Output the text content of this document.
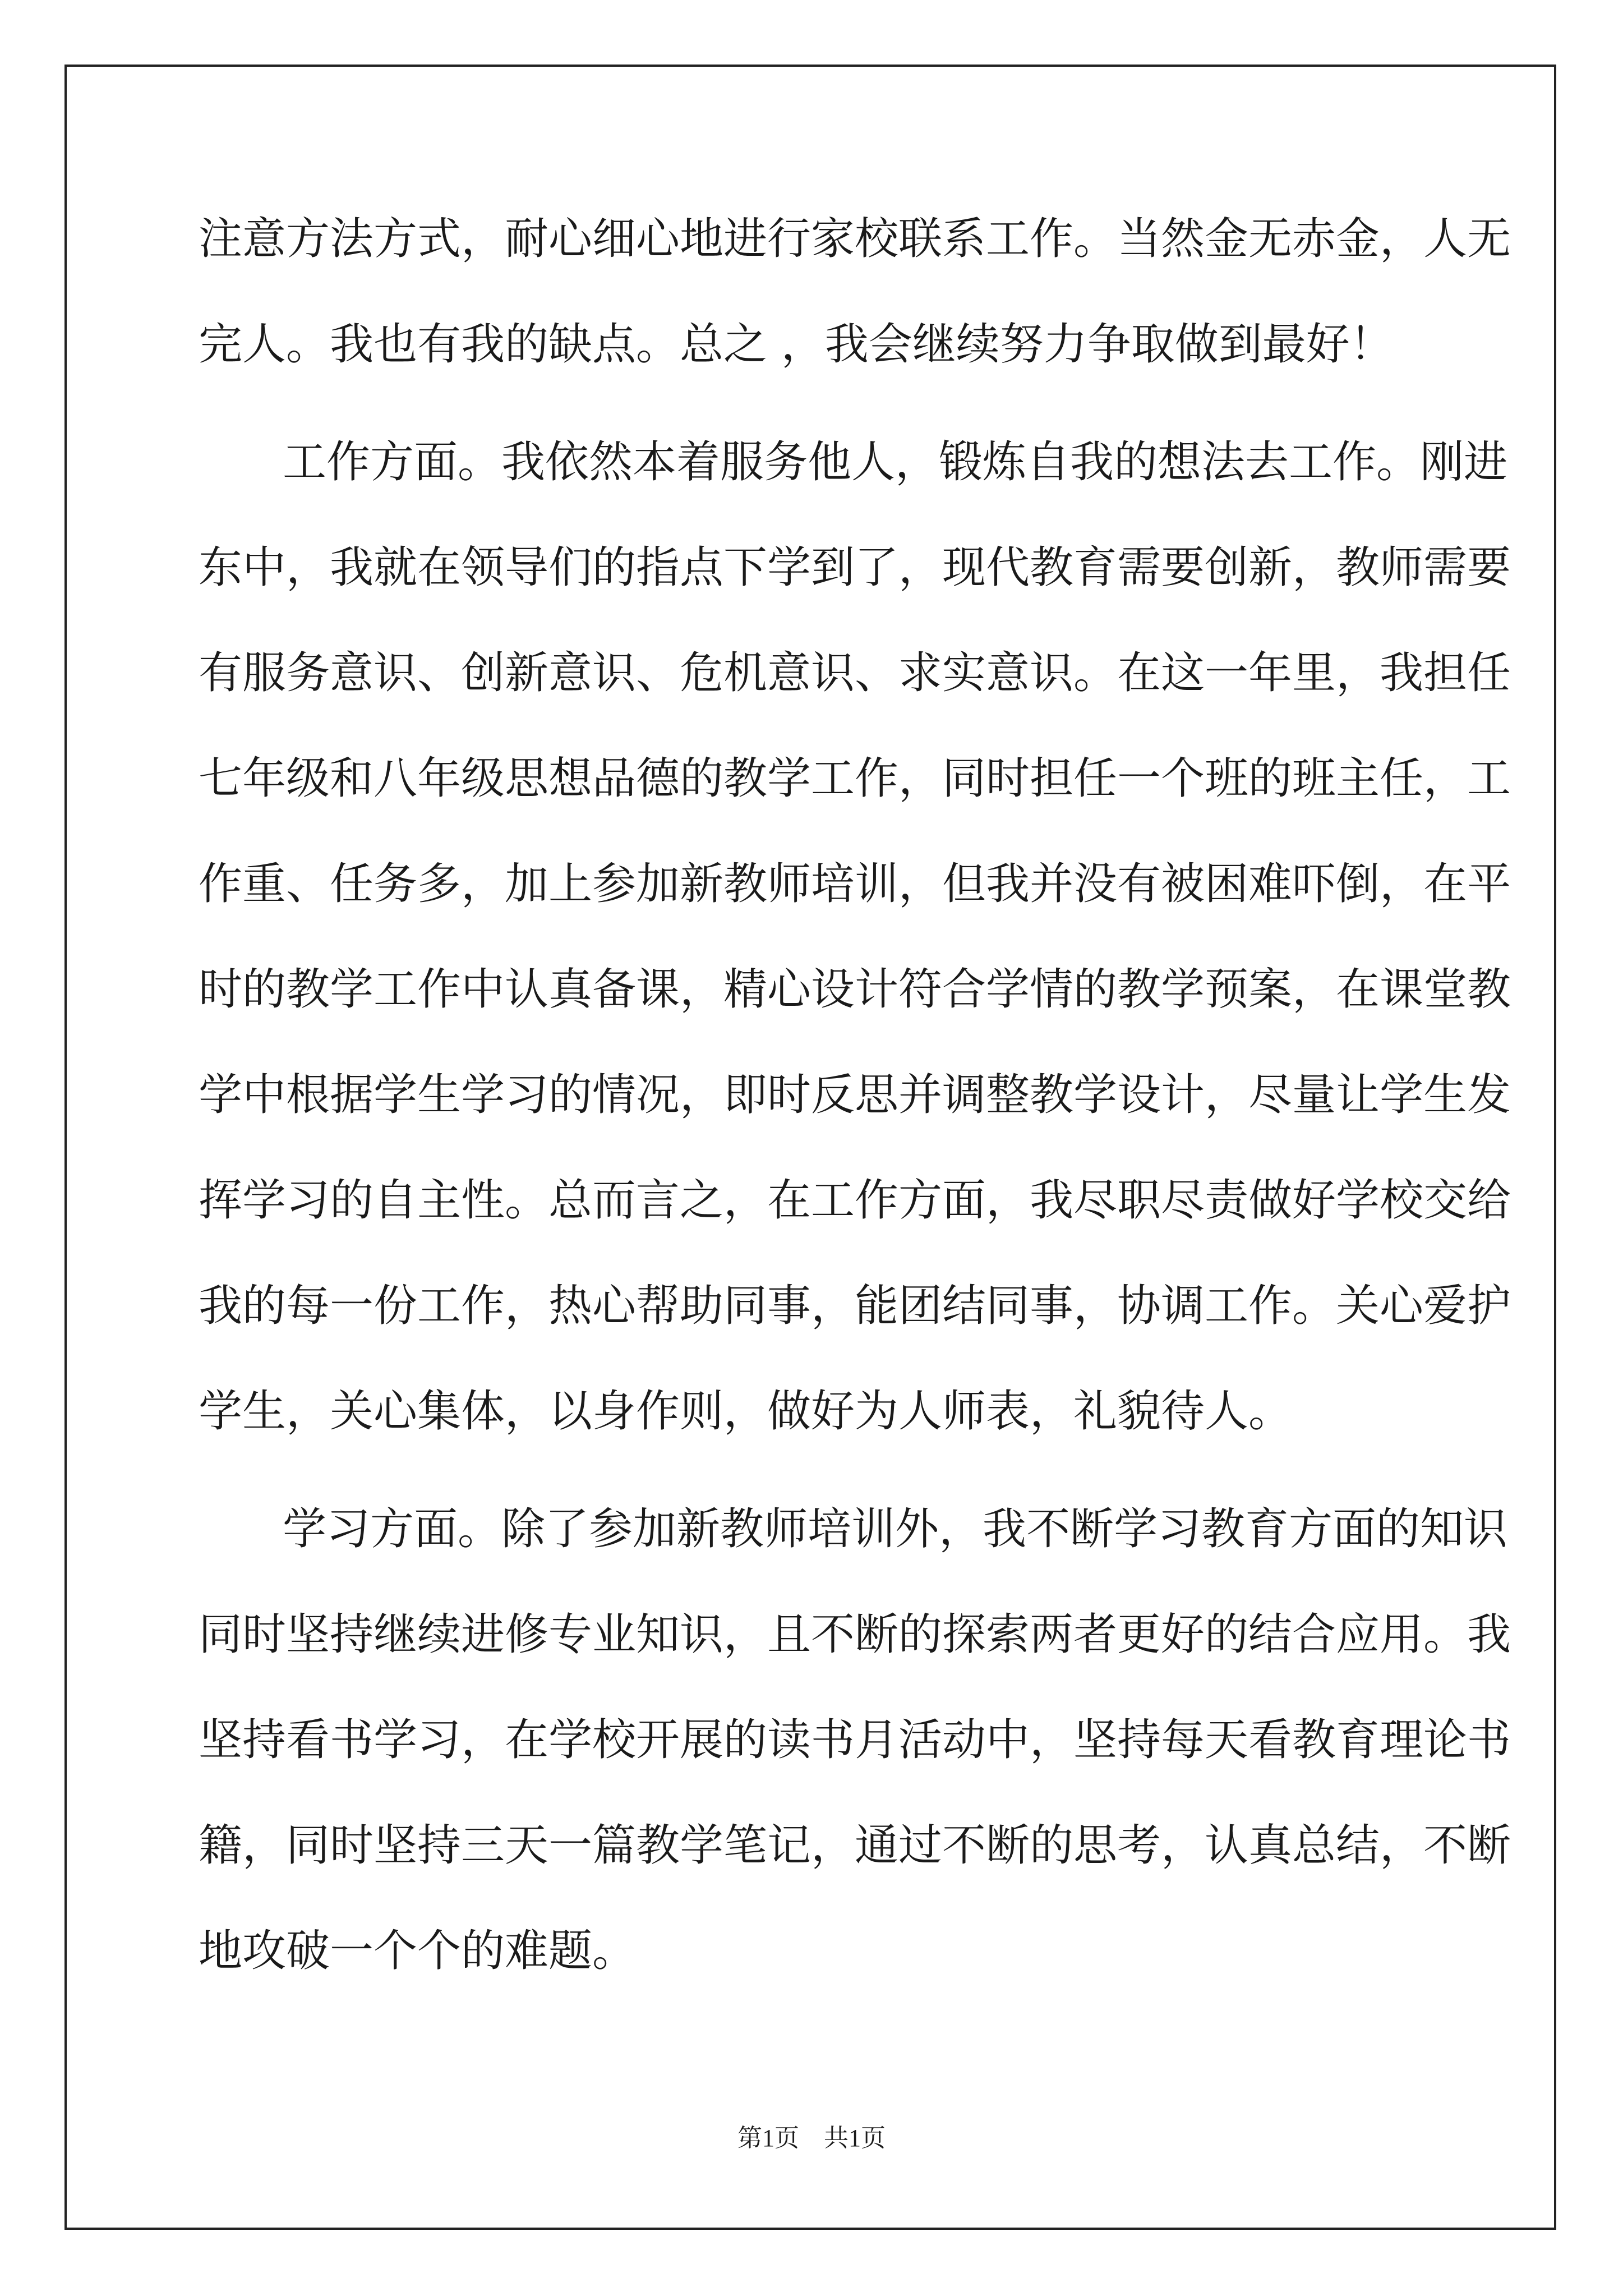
注意方法方式，耐心细心地进行家校联系工作。当然金无赤金，人无
完人。我也有我的缺点。总之 ，我会继续努力争取做到最好！
工作方面。我依然本着服务他人，锻炼自我的想法去工作。刚进
东中，我就在领导们的指点下学到了，现代教育需要创新，教师需要
有服务意识、创新意识、危机意识、求实意识。在这一年里，我担任
七年级和八年级思想品德的教学工作，同时担任一个班的班主任，工
作重、任务多，加上参加新教师培训，但我并没有被困难吓倒，在平
时的教学工作中认真备课，精心设计符合学情的教学预案，在课堂教
学中根据学生学习的情况，即时反思并调整教学设计，尽量让学生发
挥学习的自主性。总而言之，在工作方面，我尽职尽责做好学校交给
我的每一份工作，热心帮助同事，能团结同事，协调工作。关心爱护
学生，关心集体，以身作则，做好为人师表，礼貌待人。
学习方面。除了参加新教师培训外，我不断学习教育方面的知识
同时坚持继续进修专业知识，且不断的探索两者更好的结合应用。我
坚持看书学习，在学校开展的读书月活动中，坚持每天看教育理论书
籍，同时坚持三天一篇教学笔记，通过不断的思考，认真总结，不断
地攻破一个个的难题。
第1页　共1页
